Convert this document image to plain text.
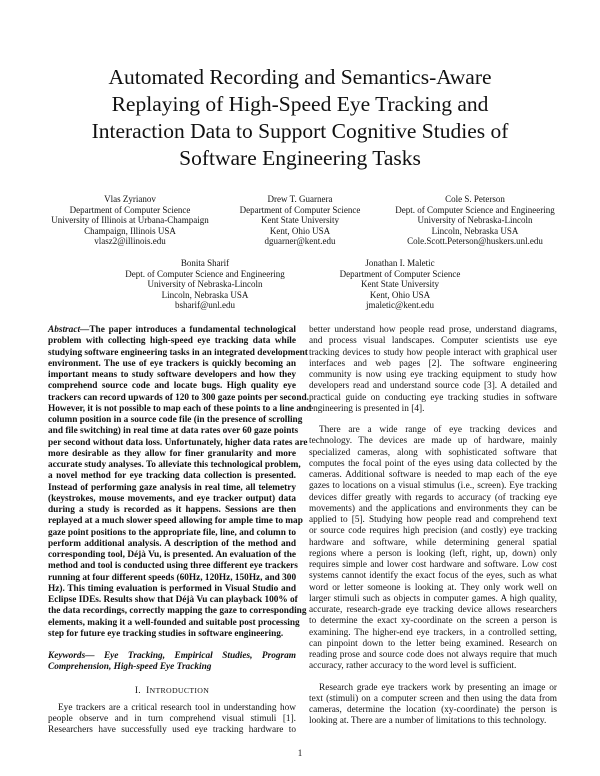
Automated Recording and Semantics-Aware
Replaying of High-Speed Eye Tracking and
Interaction Data to Support Cognitive Studies of
Software Engineering Tasks
Vlas Zyrianov
Department of Computer Science
University of Illinois at Urbana-Champaign
Champaign, Illinois USA
vlasz2@illinois.edu
Drew T. Guarnera
Department of Computer Science
Kent State University
Kent, Ohio USA
dguarner@kent.edu
Cole S. Peterson
Dept. of Computer Science and Engineering
University of Nebraska-Lincoln
Lincoln, Nebraska USA
Cole.Scott.Peterson@huskers.unl.edu
Bonita Sharif
Dept. of Computer Science and Engineering
University of Nebraska-Lincoln
Lincoln, Nebraska USA
bsharif@unl.edu
Jonathan I. Maletic
Department of Computer Science
Kent State University
Kent, Ohio USA
jmaletic@kent.edu
Abstract—The paper introduces a fundamental technological
problem with collecting high-speed eye tracking data while
studying software engineering tasks in an integrated development
environment. The use of eye trackers is quickly becoming an
important means to study software developers and how they
comprehend source code and locate bugs. High quality eye
trackers can record upwards of 120 to 300 gaze points per second.
However, it is not possible to map each of these points to a line and
column position in a source code file (in the presence of scrolling
and file switching) in real time at data rates over 60 gaze points
per second without data loss. Unfortunately, higher data rates are
more desirable as they allow for finer granularity and more
accurate study analyses. To alleviate this technological problem,
a novel method for eye tracking data collection is presented.
Instead of performing gaze analysis in real time, all telemetry
(keystrokes, mouse movements, and eye tracker output) data
during a study is recorded as it happens. Sessions are then
replayed at a much slower speed allowing for ample time to map
gaze point positions to the appropriate file, line, and column to
perform additional analysis. A description of the method and
corresponding tool, Déjà Vu, is presented. An evaluation of the
method and tool is conducted using three different eye trackers
running at four different speeds (60Hz, 120Hz, 150Hz, and 300
Hz). This timing evaluation is performed in Visual Studio and
Eclipse IDEs. Results show that Déjà Vu can playback 100% of
the data recordings, correctly mapping the gaze to corresponding
elements, making it a well-founded and suitable post processing
step for future eye tracking studies in software engineering.
Keywords— Eye Tracking, Empirical Studies, Program
Comprehension, High-speed Eye Tracking
I. INTRODUCTION
Eye trackers are a critical research tool in understanding how
people observe and in turn comprehend visual stimuli [1].
Researchers have successfully used eye tracking hardware to
better understand how people read prose, understand diagrams,
and process visual landscapes. Computer scientists use eye
tracking devices to study how people interact with graphical user
interfaces and web pages [2]. The software engineering
community is now using eye tracking equipment to study how
developers read and understand source code [3]. A detailed and
practical guide on conducting eye tracking studies in software
engineering is presented in [4].
There are a wide range of eye tracking devices and
technology. The devices are made up of hardware, mainly
specialized cameras, along with sophisticated software that
computes the focal point of the eyes using data collected by the
cameras. Additional software is needed to map each of the eye
gazes to locations on a visual stimulus (i.e., screen). Eye tracking
devices differ greatly with regards to accuracy (of tracking eye
movements) and the applications and environments they can be
applied to [5]. Studying how people read and comprehend text
or source code requires high precision (and costly) eye tracking
hardware and software, while determining general spatial
regions where a person is looking (left, right, up, down) only
requires simple and lower cost hardware and software. Low cost
systems cannot identify the exact focus of the eyes, such as what
word or letter someone is looking at. They only work well on
larger stimuli such as objects in computer games. A high quality,
accurate, research-grade eye tracking device allows researchers
to determine the exact xy-coordinate on the screen a person is
examining. The higher-end eye trackers, in a controlled setting,
can pinpoint down to the letter being examined. Research on
reading prose and source code does not always require that much
accuracy, rather accuracy to the word level is sufficient.
Research grade eye trackers work by presenting an image or
text (stimuli) on a computer screen and then using the data from
cameras, determine the location (xy-coordinate) the person is
looking at. There are a number of limitations to this technology.
1
